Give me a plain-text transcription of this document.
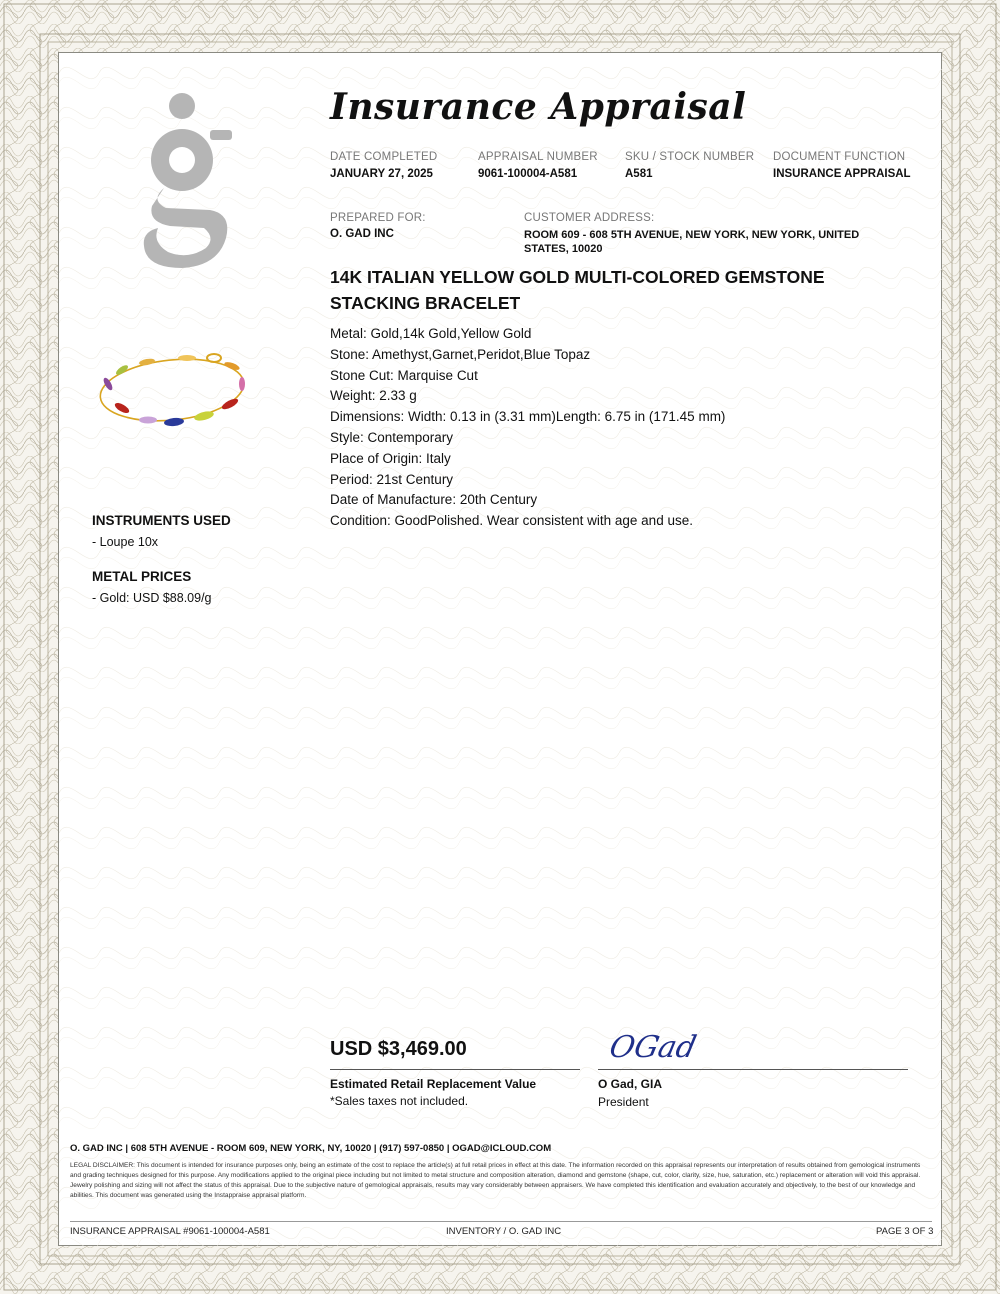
Insurance Appraisal
DATE COMPLETED
JANUARY 27, 2025
APPRAISAL NUMBER
9061-100004-A581
SKU / STOCK NUMBER
A581
DOCUMENT FUNCTION
INSURANCE APPRAISAL
PREPARED FOR:
O. GAD INC
CUSTOMER ADDRESS:
ROOM 609 - 608 5TH AVENUE, NEW YORK, NEW YORK, UNITED STATES, 10020
14K ITALIAN YELLOW GOLD MULTI-COLORED GEMSTONE STACKING BRACELET
Metal: Gold,14k Gold,Yellow Gold
Stone: Amethyst,Garnet,Peridot,Blue Topaz
Stone Cut: Marquise Cut
Weight: 2.33 g
Dimensions: Width: 0.13 in (3.31 mm)Length: 6.75 in (171.45 mm)
Style: Contemporary
Place of Origin: Italy
Period: 21st Century
Date of Manufacture: 20th Century
Condition: GoodPolished. Wear consistent with age and use.
INSTRUMENTS USED
- Loupe 10x
METAL PRICES
- Gold: USD $88.09/g
USD $3,469.00
Estimated Retail Replacement Value
*Sales taxes not included.
OGad
O Gad, GIA
President
O. GAD INC | 608 5TH AVENUE - ROOM 609, NEW YORK, NY, 10020 | (917) 597-0850 | OGAD@ICLOUD.COM
LEGAL DISCLAIMER: This document is intended for insurance purposes only, being an estimate of the cost to replace the article(s) at full retail prices in effect at this date. The information recorded on this appraisal represents our interpretation of results obtained from gemological instruments and grading techniques designed for this purpose. Any modifications applied to the original piece including but not limited to metal structure and composition alteration, diamond and gemstone (shape, cut, color, clarity, size, hue, saturation, etc.) replacement or alteration will void this appraisal. Jewelry polishing and sizing will not affect the status of this appraisal. Due to the subjective nature of gemological appraisals, results may vary considerably between appraisers. We have completed this identification and evaluation accurately and objectively, to the best of our knowledge and abilities. This document was generated using the Instappraise appraisal platform.
INSURANCE APPRAISAL #9061-100004-A581	INVENTORY / O. GAD INC	PAGE 3 OF 3
